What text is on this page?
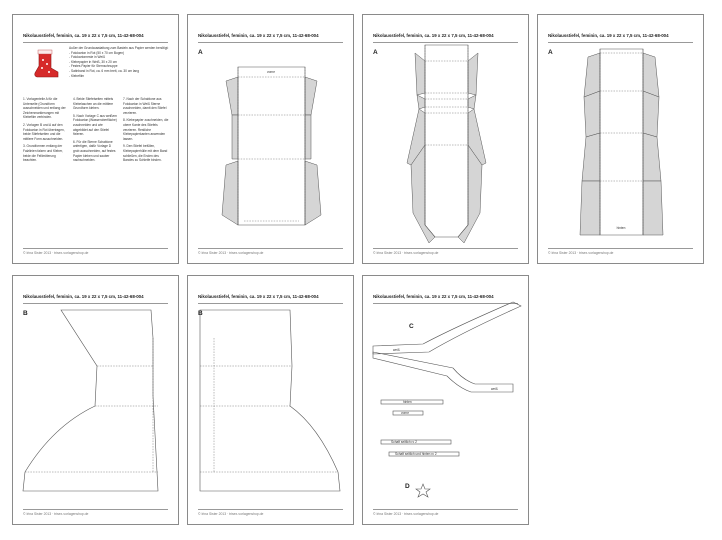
Nikolausstiefel, feminin, ca. 19 x 22 x 7,5 cm, 11-42-68-004

Außer der Grundausstattung zum Basteln aus Papier werden benötigt:

- Fotokarton in Rot (50 x 70 cm Bogen)

- Fotokartonreste in Weiß

- Klebepapier in Weiß, 30 x 20 cm

- Festes Papier für Sternschnuppe

- Satinband in Rot, ca. 6 mm breit, ca. 30 cm lang

- Klebefilm

1. Vorlagenteile A für die Unterseite (Grundform ausschneiden und entlang der Zeichenmarkierungen mit Klebefilm verbinden.

2. Vorlagen B und A auf den Fotokarton in Rot übertragen, beide Stiefelseiten und die mittlere Form ausschneiden.

3. Grundformen entlang der Falzlinien falzen und Kleber, beide die Fellimitierung beachten.

4. Beide Stiefelseiten mittels Klebelaschen an die mittlere Grundform kleben.

5. Nach Vorlage C aus weißem Fotokarton (Wasseroberfläche) zuschneiden und wie abgebildet auf den Stiefel fixieren.

6. Für die Sterne Schablone anfertigen, dafür Vorlage D grob ausschneiden, auf festes Papier kleben und sauber nachschneiden.

7. Nach der Schablone aus Fotokarton in Weiß Sterne zuschneiden, damit den Stiefel verzieren.

8. Klebepapier zuschneiden, die obere Kante des Stiefels verzieren. Restliche Klebepapierkanten anwenden lassen.

9. Den Stiefel befüllen, Klebepapierhülle mit dem Band schließen, die Enden des Bandes zu Schleife binden.

© Irina Sister 2013 · trisex-vorlagenshop.de
Nikolausstiefel, feminin, ca. 19 x 22 x 7,5 cm, 11-42-68-004
A
vorne
© Irina Sister 2013 · trisex-vorlagenshop.de
Nikolausstiefel, feminin, ca. 19 x 22 x 7,5 cm, 11-42-68-004
A
© Irina Sister 2013 · trisex-vorlagenshop.de
Nikolausstiefel, feminin, ca. 19 x 22 x 7,5 cm, 11-42-68-004
A
hinten
© Irina Sister 2013 · trisex-vorlagenshop.de
Nikolausstiefel, feminin, ca. 19 x 22 x 7,5 cm, 11-42-68-004
B
© Irina Sister 2013 · trisex-vorlagenshop.de
Nikolausstiefel, feminin, ca. 19 x 22 x 7,5 cm, 11-42-68-004
B
© Irina Sister 2013 · trisex-vorlagenshop.de
Nikolausstiefel, feminin, ca. 19 x 22 x 7,5 cm, 11-42-68-004
C
weiß
weiß
hinten
vorne
Schaft seitlich rc 2
Schaft seitlich und hinten rc 2
D
© Irina Sister 2013 · trisex-vorlagenshop.de
